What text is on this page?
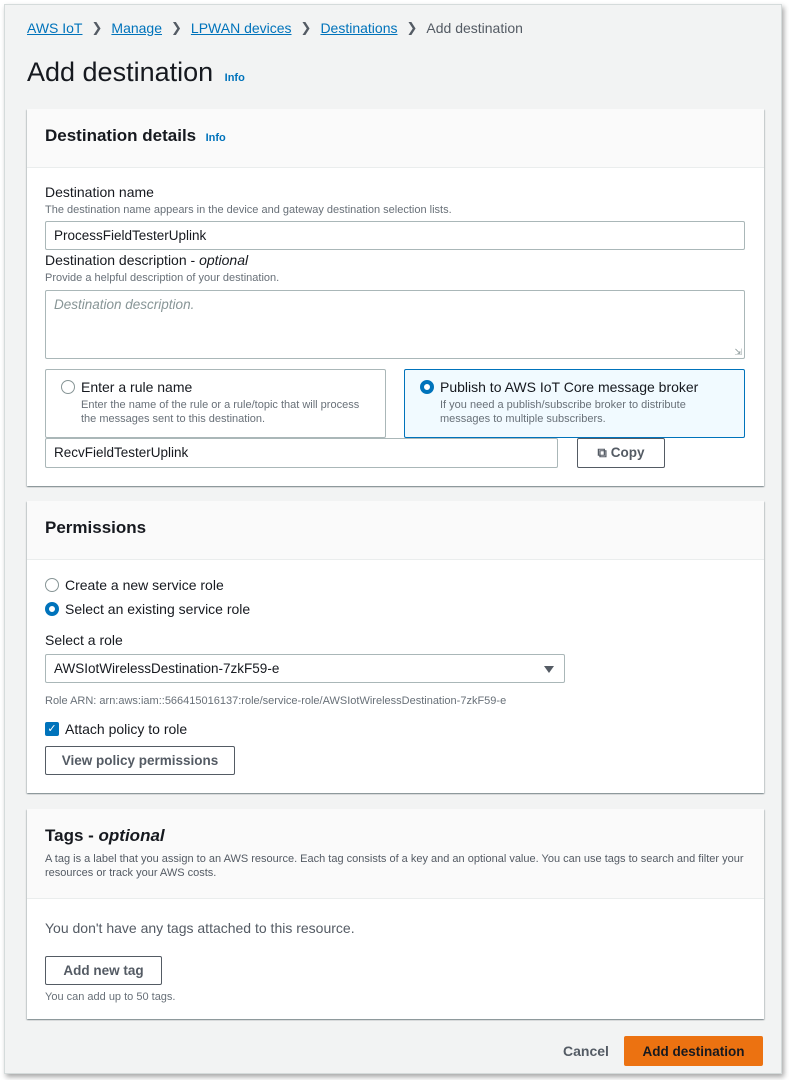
AWS IoT ❯ Manage ❯ LPWAN devices ❯ Destinations ❯ Add destination
Add destination Info
Destination details Info
Destination name
The destination name appears in the device and gateway destination selection lists.
ProcessFieldTesterUplink
Destination description - optional
Provide a helpful description of your destination.
Destination description.
⇲
Enter a rule name
Enter the name of the rule or a rule/topic that will process the messages sent to this destination.
Publish to AWS IoT Core message broker
If you need a publish/subscribe broker to distribute messages to multiple subscribers.
RecvFieldTesterUplink	⧉ Copy
Permissions
Create a new service role
Select an existing service role
Select a role
AWSIotWirelessDestination-7zkF59-e
Role ARN: arn:aws:iam::566415016137:role/service-role/AWSIotWirelessDestination-7zkF59-e
✓ Attach policy to role
View policy permissions
Tags - optional
A tag is a label that you assign to an AWS resource. Each tag consists of a key and an optional value. You can use tags to search and filter your resources or track your AWS costs.
You don't have any tags attached to this resource.
Add new tag
You can add up to 50 tags.
Cancel	Add destination
